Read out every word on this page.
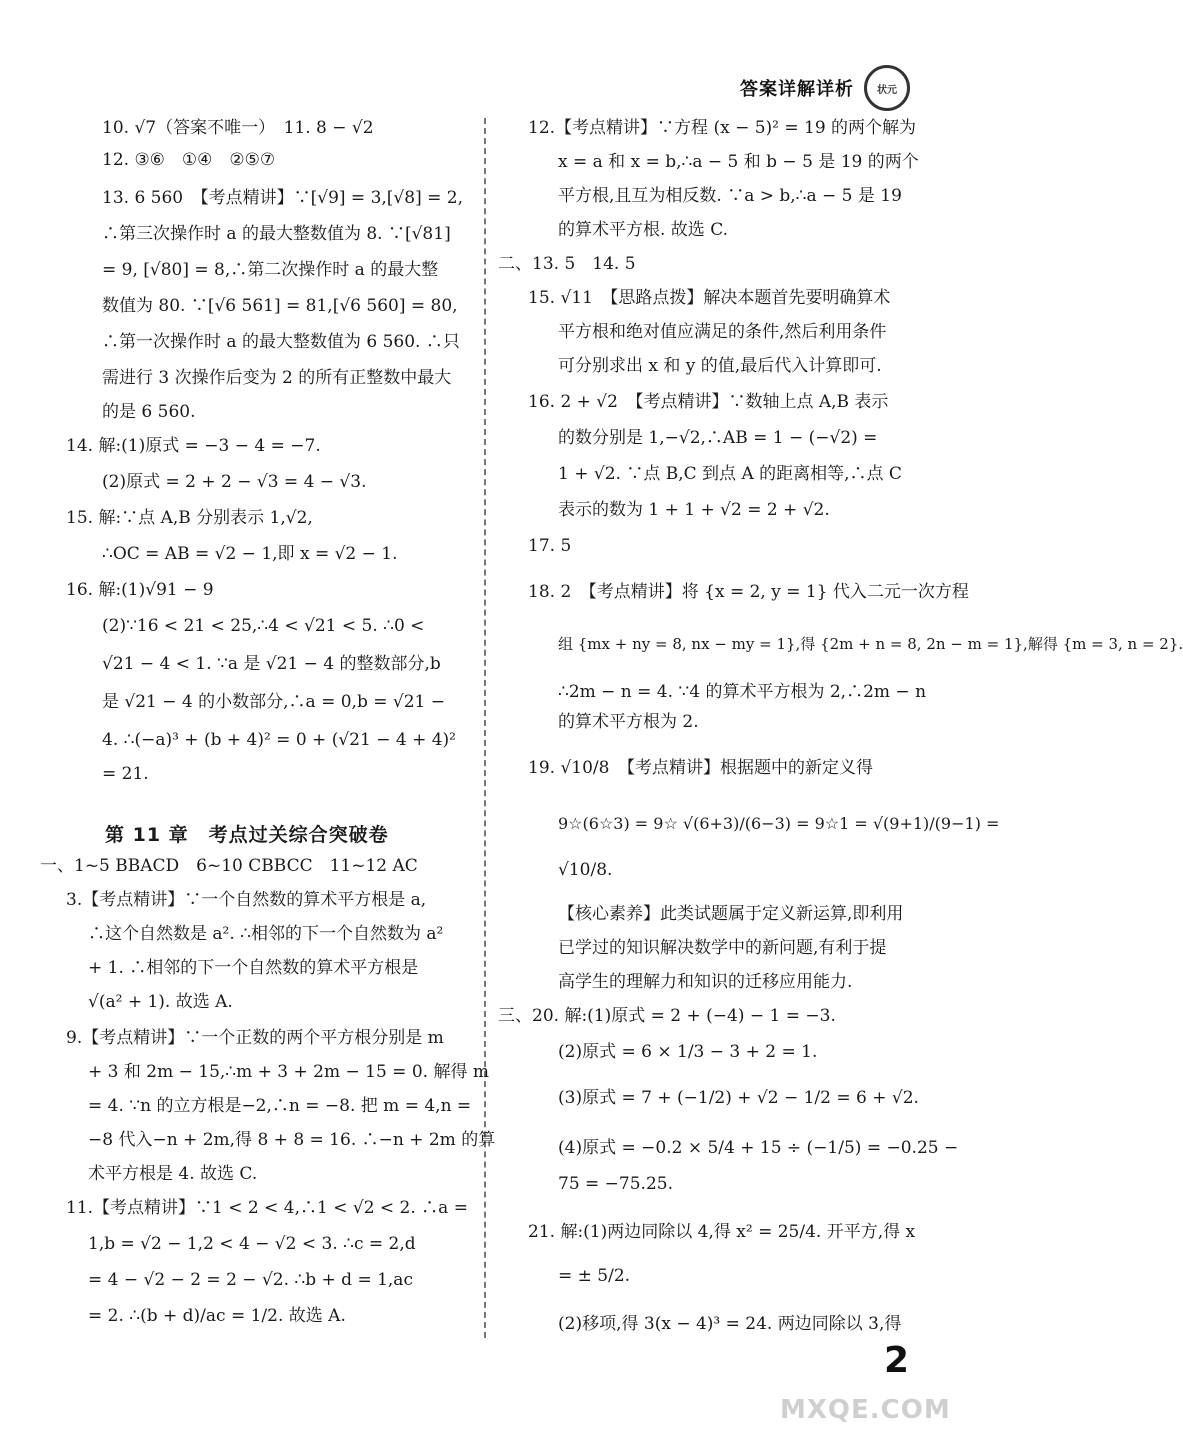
答案详解详析 状元
第 11 章　考点过关综合突破卷
10. √7（答案不唯一）　11. 8 − √2
12. ③⑥　①④　②⑤⑦
13. 6 560　【考点精讲】∵[√9] = 3,[√8] = 2,
∴第三次操作时 a 的最大整数值为 8. ∵[√81]
= 9, [√80] = 8,∴第二次操作时 a 的最大整
数值为 80. ∵[√6 561] = 81,[√6 560] = 80,
∴第一次操作时 a 的最大整数值为 6 560. ∴只
需进行 3 次操作后变为 2 的所有正整数中最大
的是 6 560.
14. 解:(1)原式 = −3 − 4 = −7.
(2)原式 = 2 + 2 − √3 = 4 − √3.
15. 解:∵点 A,B 分别表示 1,√2,
∴OC = AB = √2 − 1,即 x = √2 − 1.
16. 解:(1)√91 − 9
(2)∵16 < 21 < 25,∴4 < √21 < 5. ∴0 <
√21 − 4 < 1. ∵a 是 √21 − 4 的整数部分,b
是 √21 − 4 的小数部分,∴a = 0,b = √21 −
4. ∴(−a)³ + (b + 4)² = 0 + (√21 − 4 + 4)²
= 21.
一、1~5 BBACD　6~10 CBBCC　11~12 AC
3.【考点精讲】∵一个自然数的算术平方根是 a,
∴这个自然数是 a². ∴相邻的下一个自然数为 a²
+ 1. ∴相邻的下一个自然数的算术平方根是
√(a² + 1). 故选 A.
9.【考点精讲】∵一个正数的两个平方根分别是 m
+ 3 和 2m − 15,∴m + 3 + 2m − 15 = 0. 解得 m
= 4. ∵n 的立方根是−2,∴n = −8. 把 m = 4,n =
−8 代入−n + 2m,得 8 + 8 = 16. ∴−n + 2m 的算
术平方根是 4. 故选 C.
11.【考点精讲】∵1 < 2 < 4,∴1 < √2 < 2. ∴a =
1,b = √2 − 1,2 < 4 − √2 < 3. ∴c = 2,d
= 4 − √2 − 2 = 2 − √2. ∴b + d = 1,ac
= 2. ∴(b + d)/ac = 1/2. 故选 A.
12.【考点精讲】∵方程 (x − 5)² = 19 的两个解为
x = a 和 x = b,∴a − 5 和 b − 5 是 19 的两个
平方根,且互为相反数. ∵a > b,∴a − 5 是 19
的算术平方根. 故选 C.
二、13. 5　14. 5
15. √11　【思路点拨】解决本题首先要明确算术
平方根和绝对值应满足的条件,然后利用条件
可分别求出 x 和 y 的值,最后代入计算即可.
16. 2 + √2　【考点精讲】∵数轴上点 A,B 表示
的数分别是 1,−√2,∴AB = 1 − (−√2) =
1 + √2. ∵点 B,C 到点 A 的距离相等,∴点 C
表示的数为 1 + 1 + √2 = 2 + √2.
17. 5
18. 2　【考点精讲】将 {x = 2, y = 1} 代入二元一次方程
组 {mx + ny = 8, nx − my = 1},得 {2m + n = 8, 2n − m = 1},解得 {m = 3, n = 2}.
∴2m − n = 4. ∵4 的算术平方根为 2,∴2m − n
的算术平方根为 2.
19. √10/8　【考点精讲】根据题中的新定义得
9☆(6☆3) = 9☆ √(6+3)/(6−3) = 9☆1 = √(9+1)/(9−1) =
√10/8.
【核心素养】此类试题属于定义新运算,即利用
已学过的知识解决数学中的新问题,有利于提
高学生的理解力和知识的迁移应用能力.
三、20. 解:(1)原式 = 2 + (−4) − 1 = −3.
(2)原式 = 6 × 1/3 − 3 + 2 = 1.
(3)原式 = 7 + (−1/2) + √2 − 1/2 = 6 + √2.
(4)原式 = −0.2 × 5/4 + 15 ÷ (−1/5) = −0.25 −
75 = −75.25.
21. 解:(1)两边同除以 4,得 x² = 25/4. 开平方,得 x
= ± 5/2.
(2)移项,得 3(x − 4)³ = 24. 两边同除以 3,得
2
MXQE.COM
